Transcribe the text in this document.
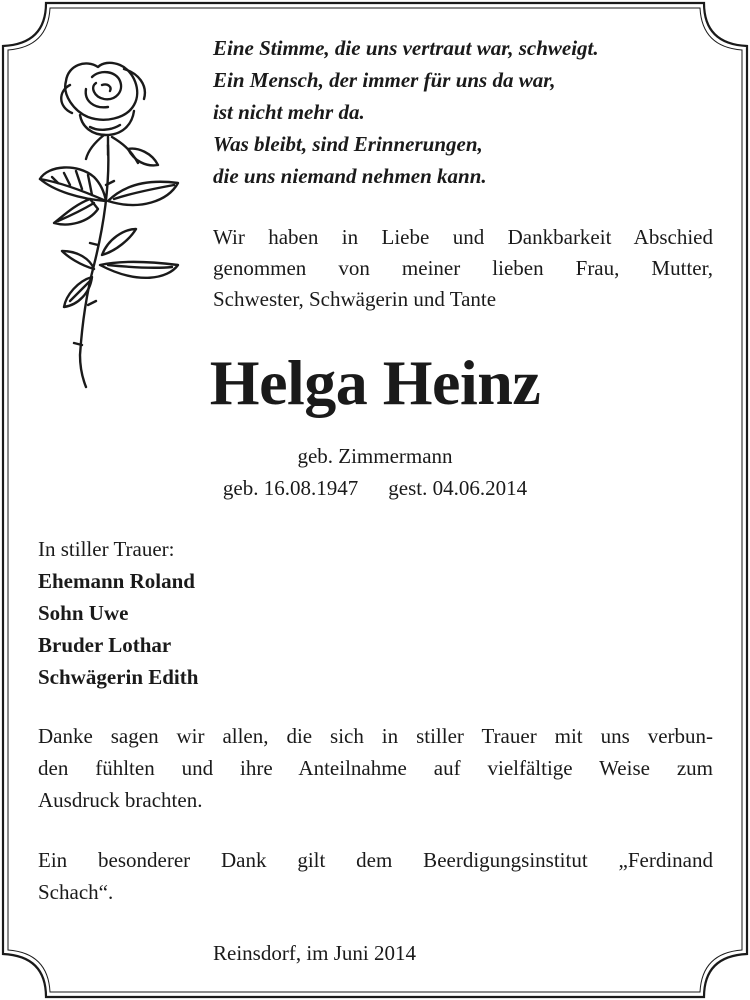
Eine Stimme, die uns vertraut war, schweigt.
Ein Mensch, der immer für uns da war,
ist nicht mehr da.
Was bleibt, sind Erinnerungen,
die uns niemand nehmen kann.
Wir haben in Liebe und Dankbarkeit Abschied
genommen von meiner lieben Frau, Mutter,
Schwester, Schwägerin und Tante
Helga Heinz
geb. Zimmermann
geb. 16.08.1947 gest. 04.06.2014
In stiller Trauer:
Ehemann Roland
Sohn Uwe
Bruder Lothar
Schwägerin Edith
Danke sagen wir allen, die sich in stiller Trauer mit uns verbun-
den fühlten und ihre Anteilnahme auf vielfältige Weise zum
Ausdruck brachten.
Ein besonderer Dank gilt dem Beerdigungsinstitut „Ferdinand
Schach“.
Reinsdorf, im Juni 2014
